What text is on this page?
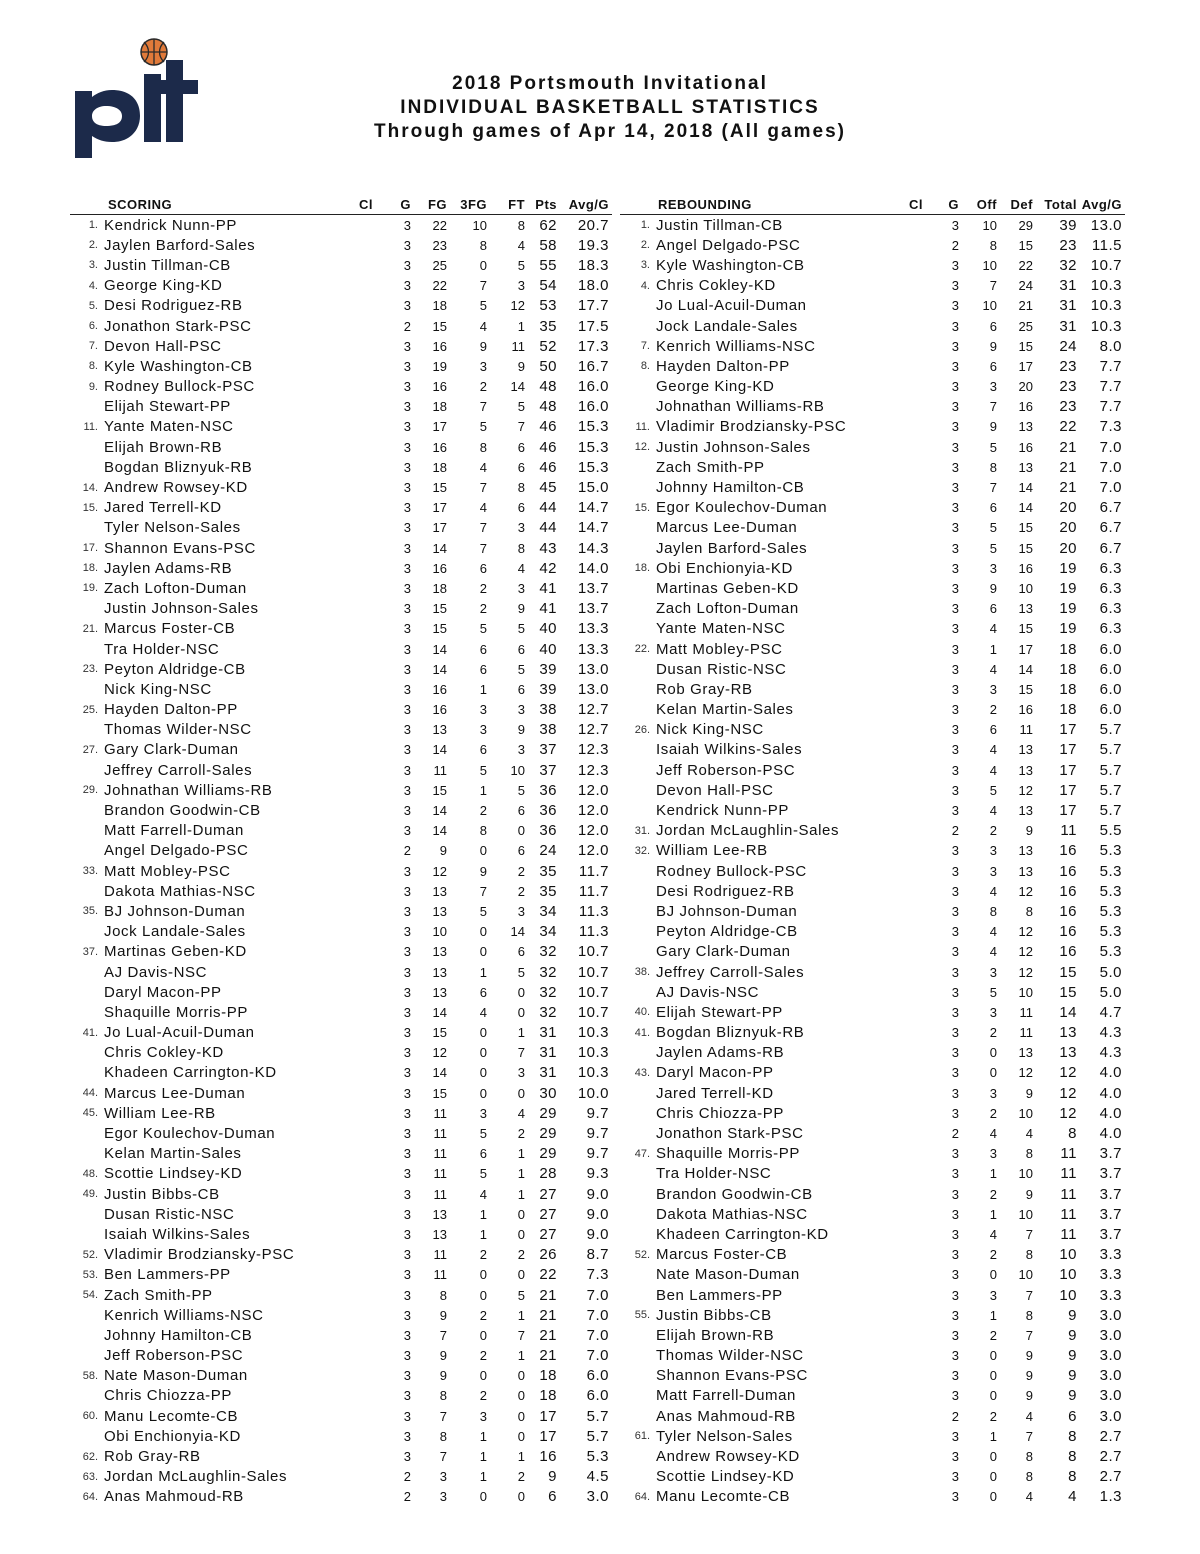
2018 Portsmouth Invitational
INDIVIDUAL BASKETBALL STATISTICS
Through games of Apr 14, 2018 (All games)
SCORING		Cl	G	FG	3FG	FT	Pts	Avg/G
1.	Kendrick Nunn-PP		3	22	10	8	62	20.7
2.	Jaylen Barford-Sales		3	23	8	4	58	19.3
3.	Justin Tillman-CB		3	25	0	5	55	18.3
4.	George King-KD		3	22	7	3	54	18.0
5.	Desi Rodriguez-RB		3	18	5	12	53	17.7
6.	Jonathon Stark-PSC		2	15	4	1	35	17.5
7.	Devon Hall-PSC		3	16	9	11	52	17.3
8.	Kyle Washington-CB		3	19	3	9	50	16.7
9.	Rodney Bullock-PSC		3	16	2	14	48	16.0
	Elijah Stewart-PP		3	18	7	5	48	16.0
11.	Yante Maten-NSC		3	17	5	7	46	15.3
	Elijah Brown-RB		3	16	8	6	46	15.3
	Bogdan Bliznyuk-RB		3	18	4	6	46	15.3
14.	Andrew Rowsey-KD		3	15	7	8	45	15.0
15.	Jared Terrell-KD		3	17	4	6	44	14.7
	Tyler Nelson-Sales		3	17	7	3	44	14.7
17.	Shannon Evans-PSC		3	14	7	8	43	14.3
18.	Jaylen Adams-RB		3	16	6	4	42	14.0
19.	Zach Lofton-Duman		3	18	2	3	41	13.7
	Justin Johnson-Sales		3	15	2	9	41	13.7
21.	Marcus Foster-CB		3	15	5	5	40	13.3
	Tra Holder-NSC		3	14	6	6	40	13.3
23.	Peyton Aldridge-CB		3	14	6	5	39	13.0
	Nick King-NSC		3	16	1	6	39	13.0
25.	Hayden Dalton-PP		3	16	3	3	38	12.7
	Thomas Wilder-NSC		3	13	3	9	38	12.7
27.	Gary Clark-Duman		3	14	6	3	37	12.3
	Jeffrey Carroll-Sales		3	11	5	10	37	12.3
29.	Johnathan Williams-RB		3	15	1	5	36	12.0
	Brandon Goodwin-CB		3	14	2	6	36	12.0
	Matt Farrell-Duman		3	14	8	0	36	12.0
	Angel Delgado-PSC		2	9	0	6	24	12.0
33.	Matt Mobley-PSC		3	12	9	2	35	11.7
	Dakota Mathias-NSC		3	13	7	2	35	11.7
35.	BJ Johnson-Duman		3	13	5	3	34	11.3
	Jock Landale-Sales		3	10	0	14	34	11.3
37.	Martinas Geben-KD		3	13	0	6	32	10.7
	AJ Davis-NSC		3	13	1	5	32	10.7
	Daryl Macon-PP		3	13	6	0	32	10.7
	Shaquille Morris-PP		3	14	4	0	32	10.7
41.	Jo Lual-Acuil-Duman		3	15	0	1	31	10.3
	Chris Cokley-KD		3	12	0	7	31	10.3
	Khadeen Carrington-KD		3	14	0	3	31	10.3
44.	Marcus Lee-Duman		3	15	0	0	30	10.0
45.	William Lee-RB		3	11	3	4	29	9.7
	Egor Koulechov-Duman		3	11	5	2	29	9.7
	Kelan Martin-Sales		3	11	6	1	29	9.7
48.	Scottie Lindsey-KD		3	11	5	1	28	9.3
49.	Justin Bibbs-CB		3	11	4	1	27	9.0
	Dusan Ristic-NSC		3	13	1	0	27	9.0
	Isaiah Wilkins-Sales		3	13	1	0	27	9.0
52.	Vladimir Brodziansky-PSC		3	11	2	2	26	8.7
53.	Ben Lammers-PP		3	11	0	0	22	7.3
54.	Zach Smith-PP		3	8	0	5	21	7.0
	Kenrich Williams-NSC		3	9	2	1	21	7.0
	Johnny Hamilton-CB		3	7	0	7	21	7.0
	Jeff Roberson-PSC		3	9	2	1	21	7.0
58.	Nate Mason-Duman		3	9	0	0	18	6.0
	Chris Chiozza-PP		3	8	2	0	18	6.0
60.	Manu Lecomte-CB		3	7	3	0	17	5.7
	Obi Enchionyia-KD		3	8	1	0	17	5.7
62.	Rob Gray-RB		3	7	1	1	16	5.3
63.	Jordan McLaughlin-Sales		2	3	1	2	9	4.5
64.	Anas Mahmoud-RB		2	3	0	0	6	3.0
REBOUNDING		Cl	G	Off	Def	Total	Avg/G
1.	Justin Tillman-CB		3	10	29	39	13.0
2.	Angel Delgado-PSC		2	8	15	23	11.5
3.	Kyle Washington-CB		3	10	22	32	10.7
4.	Chris Cokley-KD		3	7	24	31	10.3
	Jo Lual-Acuil-Duman		3	10	21	31	10.3
	Jock Landale-Sales		3	6	25	31	10.3
7.	Kenrich Williams-NSC		3	9	15	24	8.0
8.	Hayden Dalton-PP		3	6	17	23	7.7
	George King-KD		3	3	20	23	7.7
	Johnathan Williams-RB		3	7	16	23	7.7
11.	Vladimir Brodziansky-PSC		3	9	13	22	7.3
12.	Justin Johnson-Sales		3	5	16	21	7.0
	Zach Smith-PP		3	8	13	21	7.0
	Johnny Hamilton-CB		3	7	14	21	7.0
15.	Egor Koulechov-Duman		3	6	14	20	6.7
	Marcus Lee-Duman		3	5	15	20	6.7
	Jaylen Barford-Sales		3	5	15	20	6.7
18.	Obi Enchionyia-KD		3	3	16	19	6.3
	Martinas Geben-KD		3	9	10	19	6.3
	Zach Lofton-Duman		3	6	13	19	6.3
	Yante Maten-NSC		3	4	15	19	6.3
22.	Matt Mobley-PSC		3	1	17	18	6.0
	Dusan Ristic-NSC		3	4	14	18	6.0
	Rob Gray-RB		3	3	15	18	6.0
	Kelan Martin-Sales		3	2	16	18	6.0
26.	Nick King-NSC		3	6	11	17	5.7
	Isaiah Wilkins-Sales		3	4	13	17	5.7
	Jeff Roberson-PSC		3	4	13	17	5.7
	Devon Hall-PSC		3	5	12	17	5.7
	Kendrick Nunn-PP		3	4	13	17	5.7
31.	Jordan McLaughlin-Sales		2	2	9	11	5.5
32.	William Lee-RB		3	3	13	16	5.3
	Rodney Bullock-PSC		3	3	13	16	5.3
	Desi Rodriguez-RB		3	4	12	16	5.3
	BJ Johnson-Duman		3	8	8	16	5.3
	Peyton Aldridge-CB		3	4	12	16	5.3
	Gary Clark-Duman		3	4	12	16	5.3
38.	Jeffrey Carroll-Sales		3	3	12	15	5.0
	AJ Davis-NSC		3	5	10	15	5.0
40.	Elijah Stewart-PP		3	3	11	14	4.7
41.	Bogdan Bliznyuk-RB		3	2	11	13	4.3
	Jaylen Adams-RB		3	0	13	13	4.3
43.	Daryl Macon-PP		3	0	12	12	4.0
	Jared Terrell-KD		3	3	9	12	4.0
	Chris Chiozza-PP		3	2	10	12	4.0
	Jonathon Stark-PSC		2	4	4	8	4.0
47.	Shaquille Morris-PP		3	3	8	11	3.7
	Tra Holder-NSC		3	1	10	11	3.7
	Brandon Goodwin-CB		3	2	9	11	3.7
	Dakota Mathias-NSC		3	1	10	11	3.7
	Khadeen Carrington-KD		3	4	7	11	3.7
52.	Marcus Foster-CB		3	2	8	10	3.3
	Nate Mason-Duman		3	0	10	10	3.3
	Ben Lammers-PP		3	3	7	10	3.3
55.	Justin Bibbs-CB		3	1	8	9	3.0
	Elijah Brown-RB		3	2	7	9	3.0
	Thomas Wilder-NSC		3	0	9	9	3.0
	Shannon Evans-PSC		3	0	9	9	3.0
	Matt Farrell-Duman		3	0	9	9	3.0
	Anas Mahmoud-RB		2	2	4	6	3.0
61.	Tyler Nelson-Sales		3	1	7	8	2.7
	Andrew Rowsey-KD		3	0	8	8	2.7
	Scottie Lindsey-KD		3	0	8	8	2.7
64.	Manu Lecomte-CB		3	0	4	4	1.3
